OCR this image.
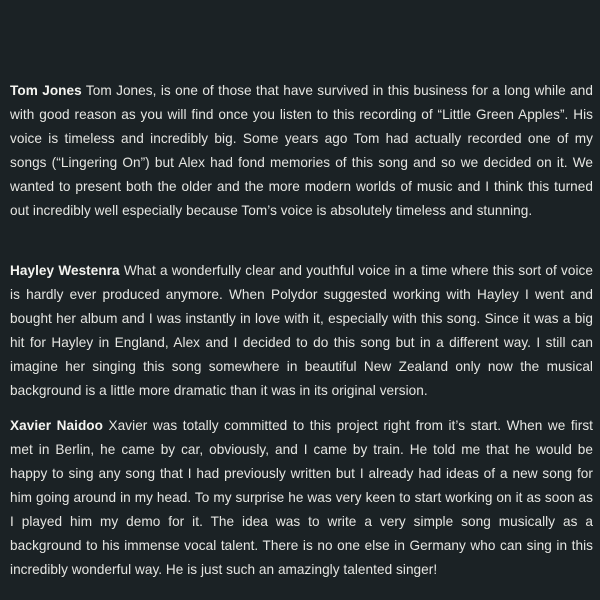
Tom Jones Tom Jones, is one of those that have survived in this business for a long while and with good reason as you will find once you listen to this recording of “Little Green Apples”. His voice is timeless and incredibly big. Some years ago Tom had actually recorded one of my songs (“Lingering On”) but Alex had fond memories of this song and so we decided on it. We wanted to present both the older and the more modern worlds of music and I think this turned out incredibly well especially because Tom’s voice is absolutely timeless and stunning.

Hayley Westenra What a wonderfully clear and youthful voice in a time where this sort of voice is hardly ever produced anymore. When Polydor suggested working with Hayley I went and bought her album and I was instantly in love with it, especially with this song. Since it was a big hit for Hayley in England, Alex and I decided to do this song but in a different way. I still can imagine her singing this song somewhere in beautiful New Zealand only now the musical background is a little more dramatic than it was in its original version.

Xavier Naidoo Xavier was totally committed to this project right from it’s start. When we first met in Berlin, he came by car, obviously, and I came by train. He told me that he would be happy to sing any song that I had previously written but I already had ideas of a new song for him going around in my head. To my surprise he was very keen to start working on it as soon as I played him my demo for it. The idea was to write a very simple song musically as a background to his immense vocal talent. There is no one else in Germany who can sing in this incredibly wonderful way. He is just such an amazingly talented singer!
